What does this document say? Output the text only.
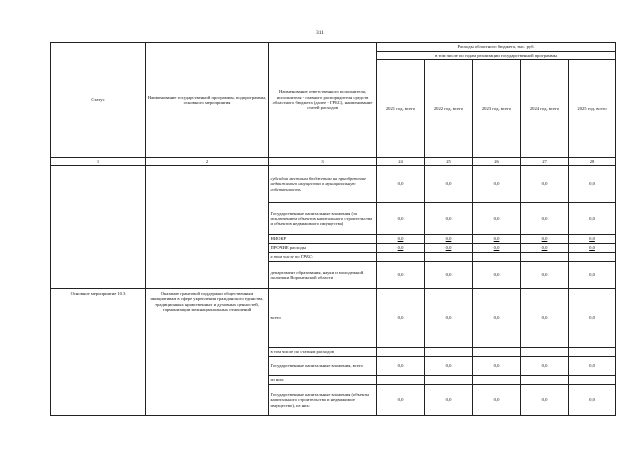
311
Статус	Наименование государственной программы, подпрограммы, основного мероприятия	Наименование ответственного исполнителя, исполнителя - главного распорядителя средств областного бюджета (далее - ГРБС), наименование статей расходов	Расходы областного бюджета, тыс. руб.				
			в том числе по годам реализации государственной программы				
			2021 год, всего	2022 год, всего	2023 год, всего	2024 год, всего	2025 год, всего
1	2	3	24	25	26	27	28
		субсидии местным бюджетам на приобретение недвижимого имущества в муниципальную собственность	0,0	0,0	0,0	0,0	0,0
		Государственные капитальные вложения (за исключением объектов капитального строительства и объектов недвижимого имущества)	0,0	0,0	0,0	0,0	0,0
		НИОКР	0,0	0,0	0,0	0,0	0,0
		ПРОЧИЕ расходы	0,0	0,0	0,0	0,0	0,0
		в том числе по ГРБС:					
		департамент образования, науки и молодежной политики Воронежской области	0,0	0,0	0,0	0,0	0,0
Основное мероприятие 10.3	Оказание грантовой поддержки общественным инициативам в сфере укрепления гражданского единства, традиционных нравственных и духовных ценностей, гармонизации межнациональных отношений	всего	0,0	0,0	0,0	0,0	0,0
		в том числе по статьям расходов					
		Государственные капитальные вложения, всего	0,0	0,0	0,0	0,0	0,0
		из них:					
		Государственные капитальные вложения (объекты капитального строительства и недвижимое имущество), из них:	0,0	0,0	0,0	0,0	0,0
